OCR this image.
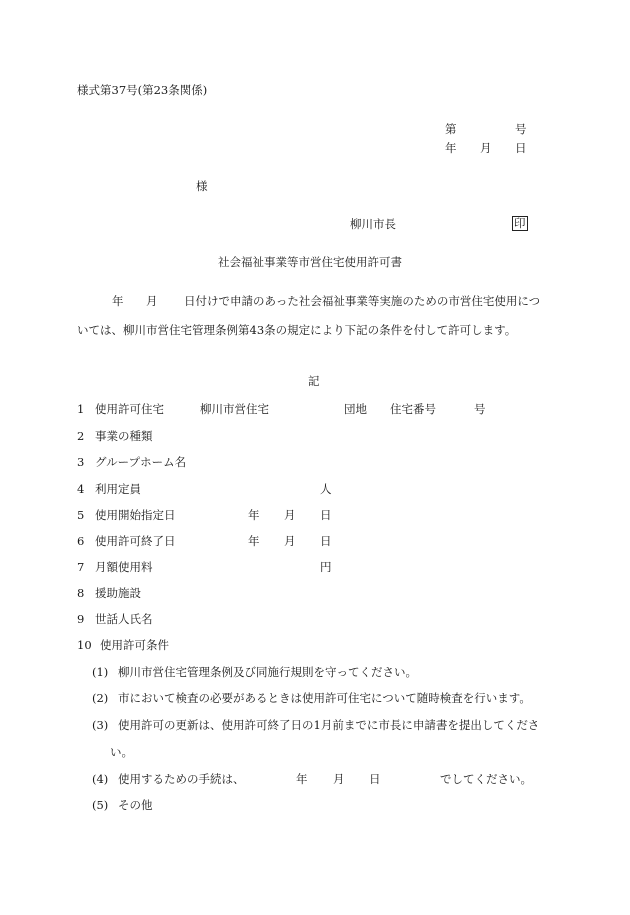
様式第37号(第23条関係)
第	号
年 月 日
様
柳川市長	印
社会福祉事業等市営住宅使用許可書
年 月 日付けで申請のあった社会福祉事業等実施のための市営住宅使用につ
いては、柳川市営住宅管理条例第43条の規定により下記の条件を付して許可します。
記
1 使用許可住宅	柳川市営住宅	団地 住宅番号	号
2 事業の種類
3 グループホーム名
4 利用定員	人
5 使用開始指定日	年 月 日
6 使用許可終了日	年 月 日
7 月額使用料	円
8 援助施設
9 世話人氏名
10 使用許可条件
(1) 柳川市営住宅管理条例及び同施行規則を守ってください。
(2) 市において検査の必要があるときは使用許可住宅について随時検査を行います。
(3) 使用許可の更新は、使用許可終了日の1月前までに市長に申請書を提出してくださ
い。
(4) 使用するための手続は、	年 月 日	でしてください。
(5) その他
